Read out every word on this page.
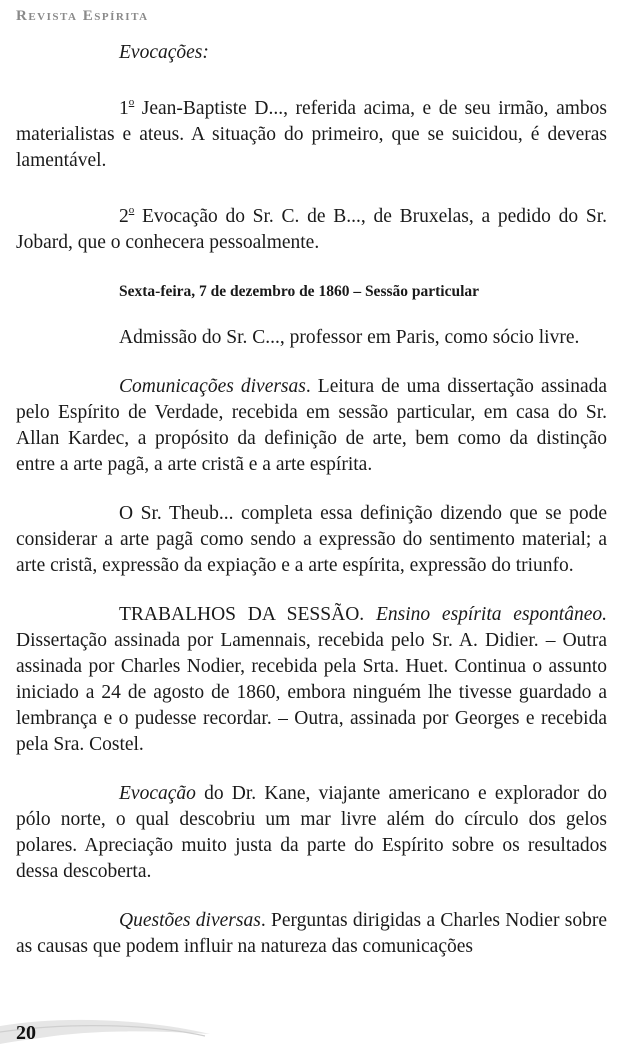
Revista Espírita

Evocações:

1$^o$ Jean-Baptiste D..., referida acima, e de seu irmão, ambos materialistas e ateus. A situação do primeiro, que se suicidou, é deveras lamentável.

2$^o$ Evocação do Sr. C. de B..., de Bruxelas, a pedido do Sr. Jobard, que o conhecera pessoalmente.

Sexta-feira, 7 de dezembro de 1860 – Sessão particular

Admissão do Sr. C..., professor em Paris, como sócio livre.

Comunicações diversas. Leitura de uma dissertação assinada pelo Espírito de Verdade, recebida em sessão particular, em casa do Sr. Allan Kardec, a propósito da definição de arte, bem como da distinção entre a arte pagã, a arte cristã e a arte espírita.

O Sr. Theub... completa essa definição dizendo que se pode considerar a arte pagã como sendo a expressão do sentimento material; a arte cristã, expressão da expiação e a arte espírita, expressão do triunfo.

TRABALHOS DA SESSÃO. Ensino espírita espontâneo. Dissertação assinada por Lamennais, recebida pelo Sr. A. Didier. – Outra assinada por Charles Nodier, recebida pela Srta. Huet. Continua o assunto iniciado a 24 de agosto de 1860, embora ninguém lhe tivesse guardado a lembrança e o pudesse recordar. – Outra, assinada por Georges e recebida pela Sra. Costel.

Evocação do Dr. Kane, viajante americano e explorador do pólo norte, o qual descobriu um mar livre além do círculo dos gelos polares. Apreciação muito justa da parte do Espírito sobre os resultados dessa descoberta.

Questões diversas. Perguntas dirigidas a Charles Nodier sobre as causas que podem influir na natureza das comunicações

20
